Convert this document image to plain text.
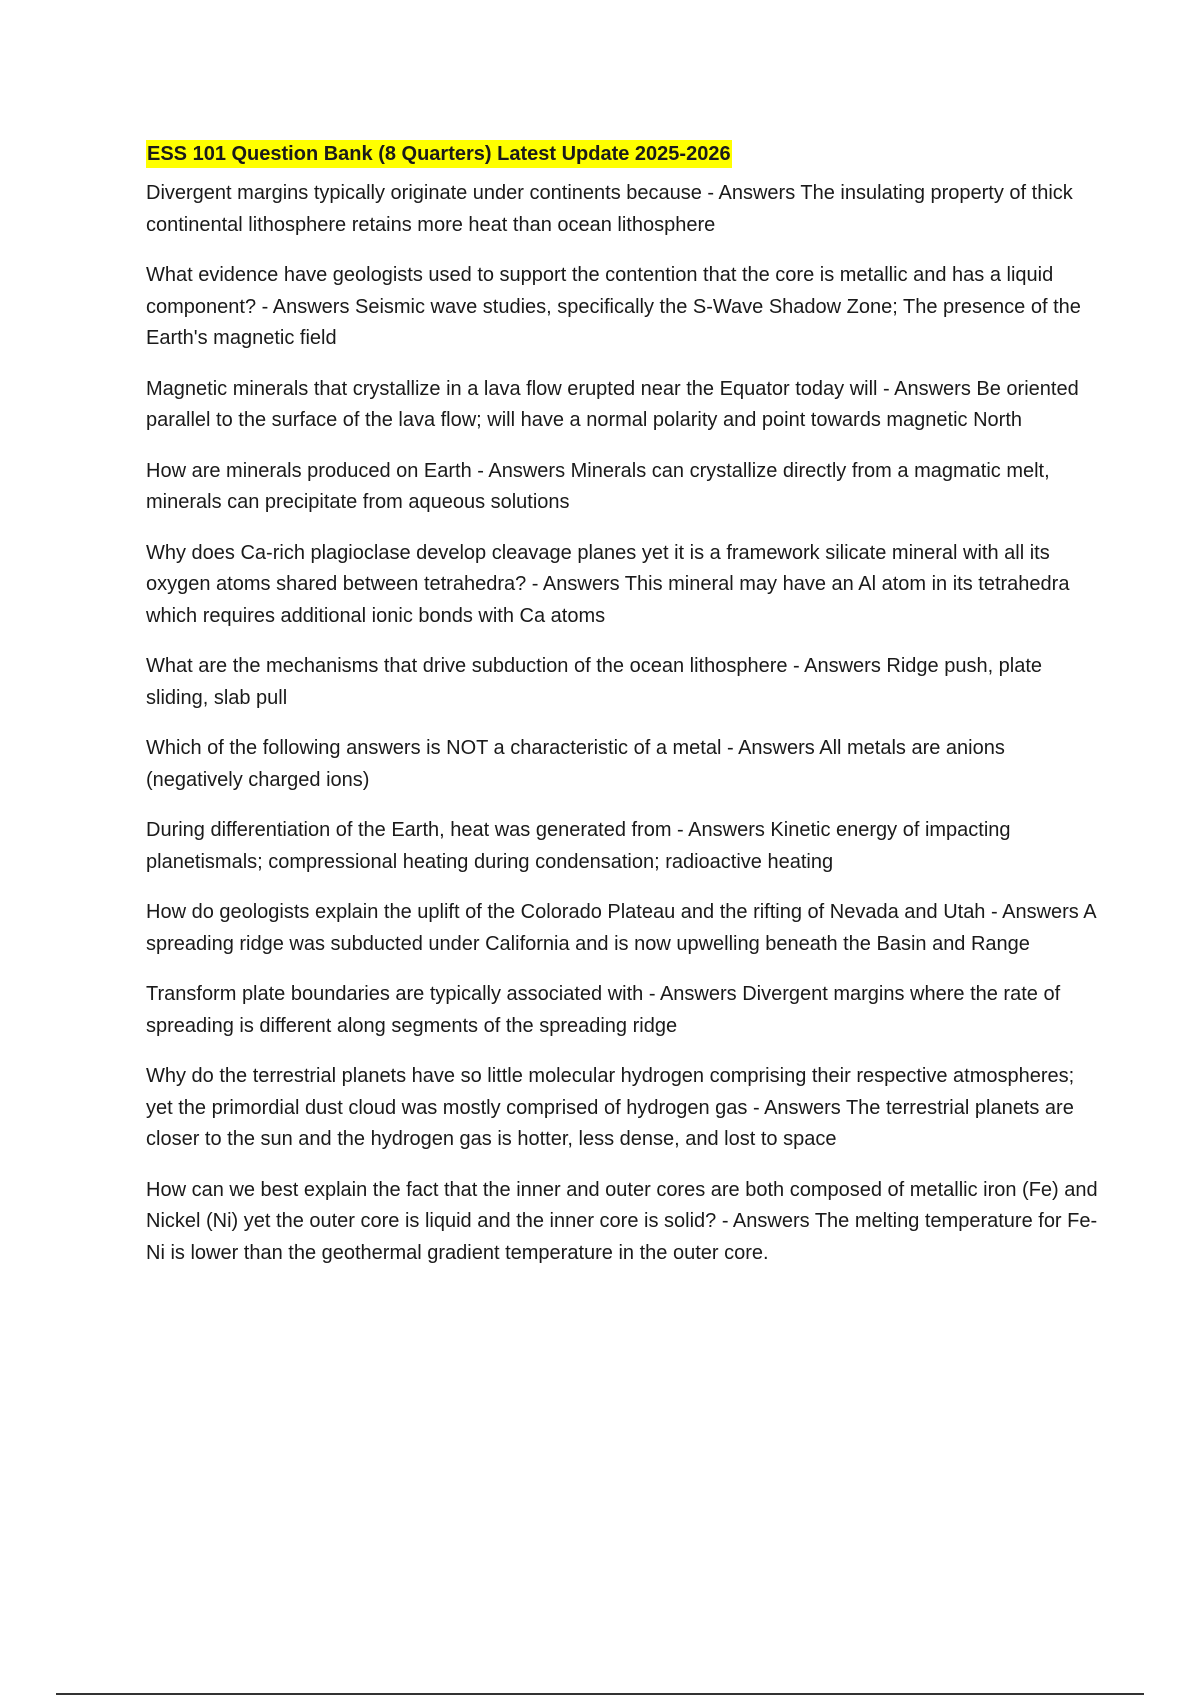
ESS 101 Question Bank (8 Quarters) Latest Update 2025-2026

Divergent margins typically originate under continents because - Answers The insulating property of thick continental lithosphere retains more heat than ocean lithosphere

What evidence have geologists used to support the contention that the core is metallic and has a liquid component? - Answers Seismic wave studies, specifically the S-Wave Shadow Zone; The presence of the Earth's magnetic field

Magnetic minerals that crystallize in a lava flow erupted near the Equator today will - Answers Be oriented parallel to the surface of the lava flow; will have a normal polarity and point towards magnetic North

How are minerals produced on Earth - Answers Minerals can crystallize directly from a magmatic melt, minerals can precipitate from aqueous solutions

Why does Ca-rich plagioclase develop cleavage planes yet it is a framework silicate mineral with all its oxygen atoms shared between tetrahedra? - Answers This mineral may have an Al atom in its tetrahedra which requires additional ionic bonds with Ca atoms

What are the mechanisms that drive subduction of the ocean lithosphere - Answers Ridge push, plate sliding, slab pull

Which of the following answers is NOT a characteristic of a metal - Answers All metals are anions (negatively charged ions)

During differentiation of the Earth, heat was generated from - Answers Kinetic energy of impacting planetismals; compressional heating during condensation; radioactive heating

How do geologists explain the uplift of the Colorado Plateau and the rifting of Nevada and Utah - Answers A spreading ridge was subducted under California and is now upwelling beneath the Basin and Range

Transform plate boundaries are typically associated with - Answers Divergent margins where the rate of spreading is different along segments of the spreading ridge

Why do the terrestrial planets have so little molecular hydrogen comprising their respective atmospheres; yet the primordial dust cloud was mostly comprised of hydrogen gas - Answers The terrestrial planets are closer to the sun and the hydrogen gas is hotter, less dense, and lost to space

How can we best explain the fact that the inner and outer cores are both composed of metallic iron (Fe) and Nickel (Ni) yet the outer core is liquid and the inner core is solid? - Answers The melting temperature for Fe-Ni is lower than the geothermal gradient temperature in the outer core.
